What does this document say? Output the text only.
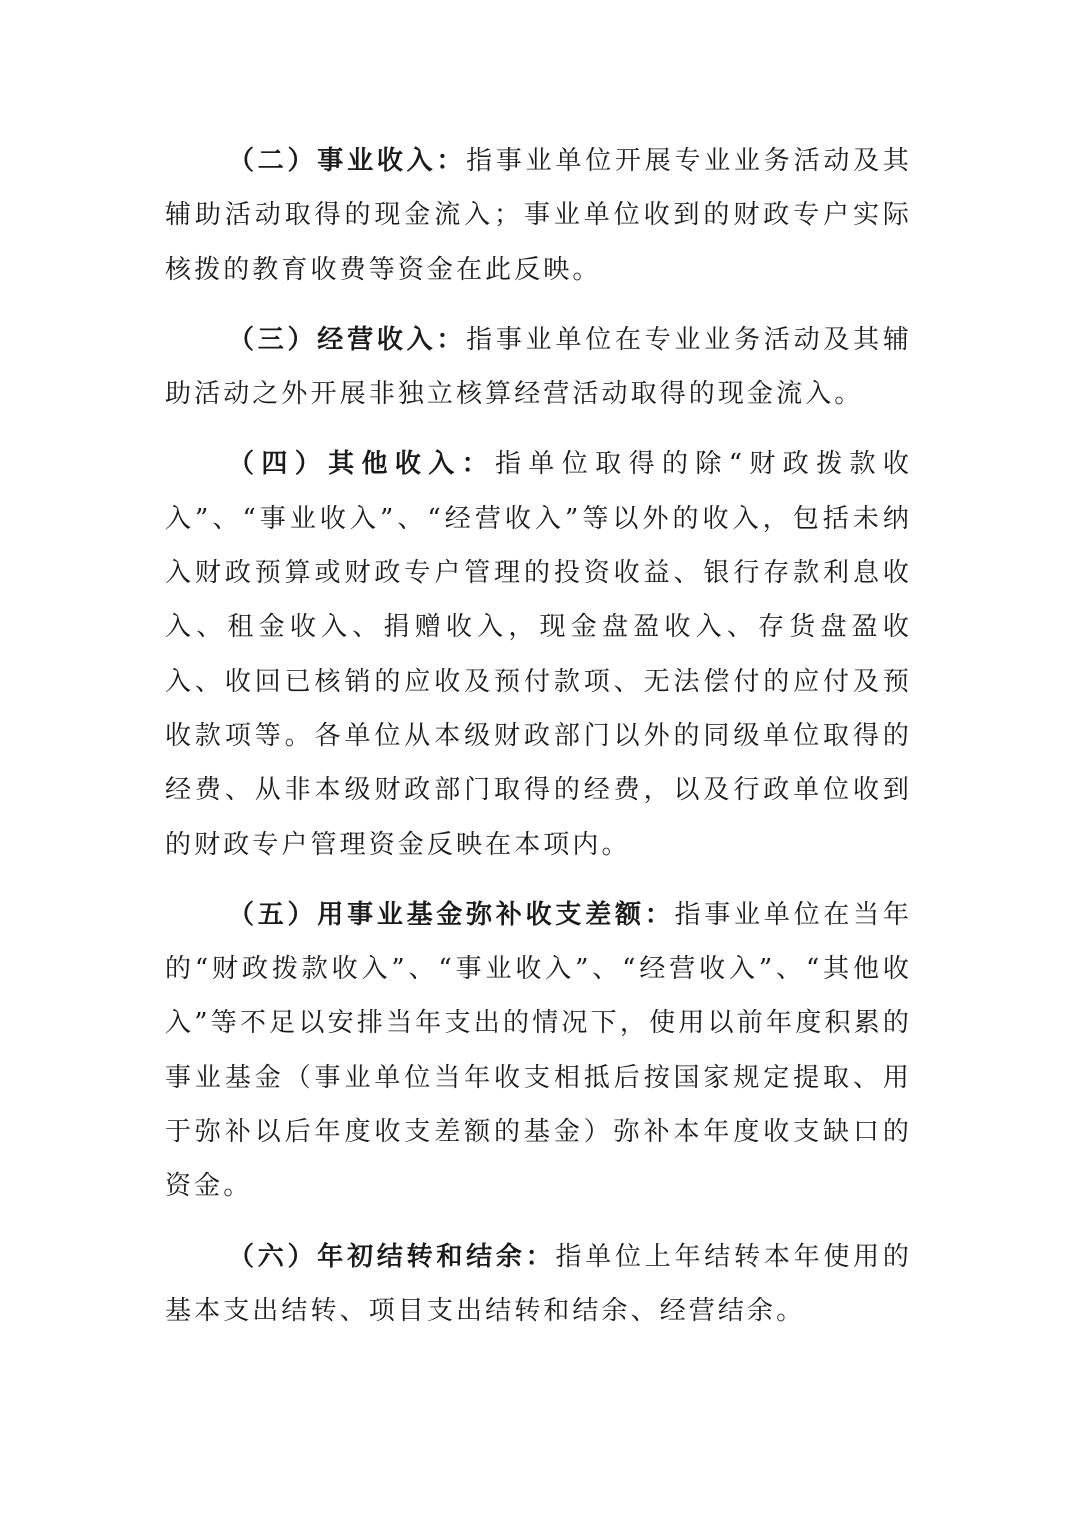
（二）事业收入：指事业单位开展专业业务活动及其辅助活动取得的现金流入；事业单位收到的财政专户实际核拨的教育收费等资金在此反映。

（三）经营收入：指事业单位在专业业务活动及其辅助活动之外开展非独立核算经营活动取得的现金流入。

（四）其他收入：指单位取得的除“财政拨款收入”、“事业收入”、“经营收入”等以外的收入，包括未纳入财政预算或财政专户管理的投资收益、银行存款利息收入、租金收入、捐赠收入，现金盘盈收入、存货盘盈收入、收回已核销的应收及预付款项、无法偿付的应付及预收款项等。各单位从本级财政部门以外的同级单位取得的经费、从非本级财政部门取得的经费，以及行政单位收到的财政专户管理资金反映在本项内。

（五）用事业基金弥补收支差额：指事业单位在当年的“财政拨款收入”、“事业收入”、“经营收入”、“其他收入”等不足以安排当年支出的情况下，使用以前年度积累的事业基金（事业单位当年收支相抵后按国家规定提取、用于弥补以后年度收支差额的基金）弥补本年度收支缺口的资金。

（六）年初结转和结余：指单位上年结转本年使用的基本支出结转、项目支出结转和结余、经营结余。
